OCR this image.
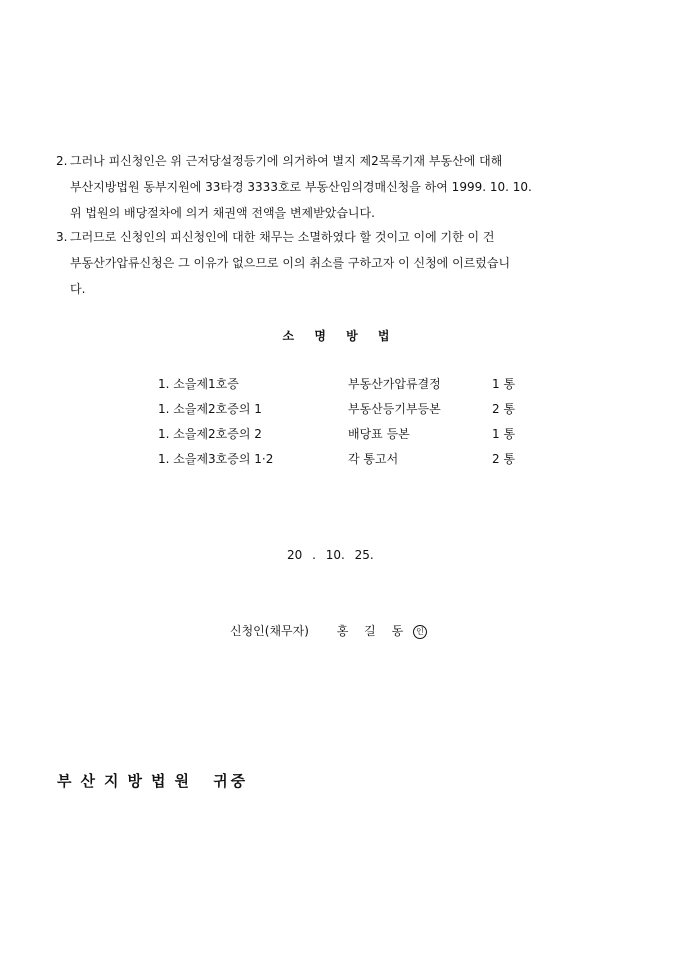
2. 그러나 피신청인은 위 근저당설정등기에 의거하여 별지 제2목록기재 부동산에 대해
부산지방법원 동부지원에 33타경 3333호로 부동산임의경매신청을 하여 1999. 10. 10.
위 법원의 배당절차에 의거 채권액 전액을 변제받았습니다.
3. 그러므로 신청인의 피신청인에 대한 채무는 소멸하였다 할 것이고 이에 기한 이 건
부동산가압류신청은 그 이유가 없으므로 이의 취소를 구하고자 이 신청에 이르렀습니
다.
소 명 방 법
1. 소을제1호증	부동산가압류결정	1 통
1. 소을제2호증의 1	부동산등기부등본	2 통
1. 소을제2호증의 2	배당표 등본	1 통
1. 소을제3호증의 1·2	각 통고서	2 통
20 . 10. 25.
신청인(채무자) 홍 길 동 인
부산지방법원 귀중
